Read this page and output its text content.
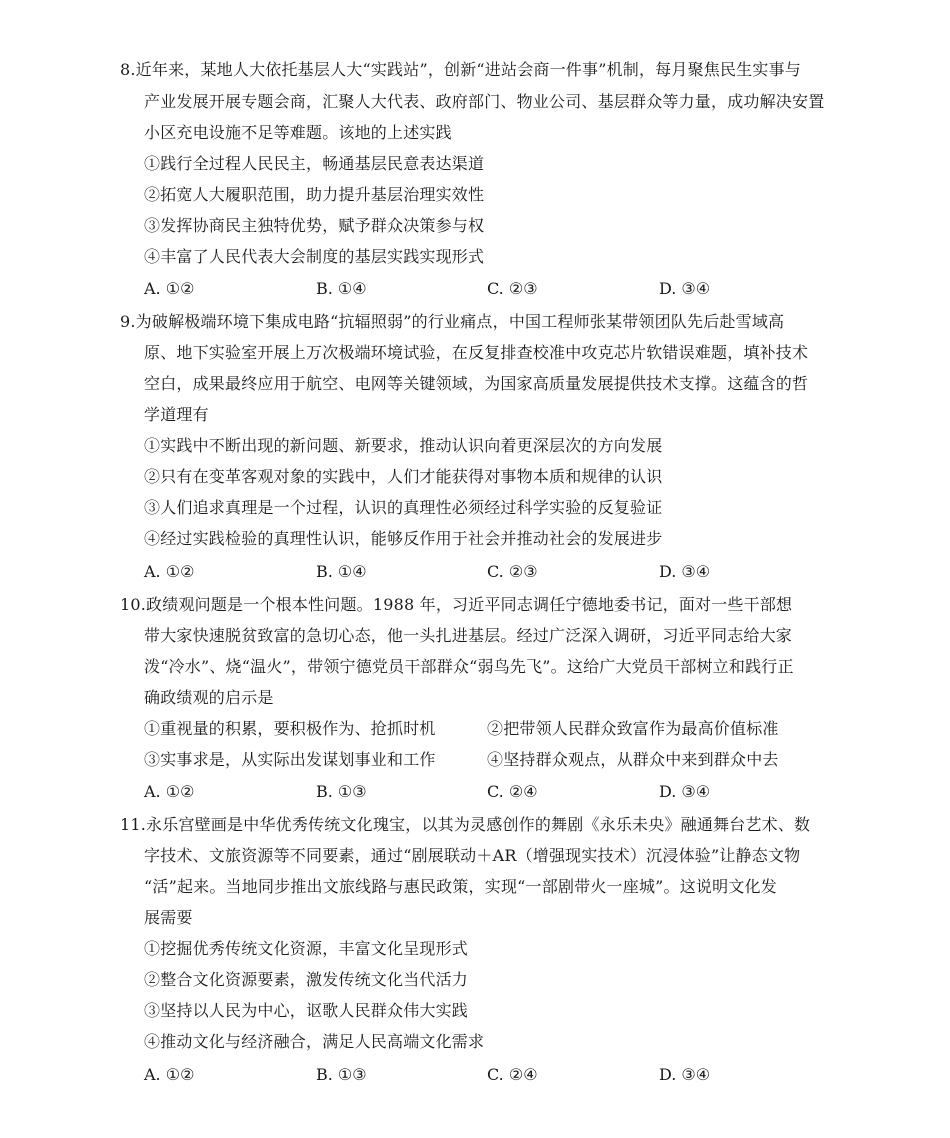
8.近年来，某地人大依托基层人大“实践站”，创新“进站会商一件事”机制，每月聚焦民生实事与
产业发展开展专题会商，汇聚人大代表、政府部门、物业公司、基层群众等力量，成功解决安置
小区充电设施不足等难题。该地的上述实践
①践行全过程人民民主，畅通基层民意表达渠道
②拓宽人大履职范围，助力提升基层治理实效性
③发挥协商民主独特优势，赋予群众决策参与权
④丰富了人民代表大会制度的基层实践实现形式
A. ①②	B. ①④	C. ②③	D. ③④
9.为破解极端环境下集成电路“抗辐照弱”的行业痛点，中国工程师张某带领团队先后赴雪域高
原、地下实验室开展上万次极端环境试验，在反复排查校准中攻克芯片软错误难题，填补技术
空白，成果最终应用于航空、电网等关键领域，为国家高质量发展提供技术支撑。这蕴含的哲
学道理有
①实践中不断出现的新问题、新要求，推动认识向着更深层次的方向发展
②只有在变革客观对象的实践中，人们才能获得对事物本质和规律的认识
③人们追求真理是一个过程，认识的真理性必须经过科学实验的反复验证
④经过实践检验的真理性认识，能够反作用于社会并推动社会的发展进步
A. ①②	B. ①④	C. ②③	D. ③④
10.政绩观问题是一个根本性问题。1988 年，习近平同志调任宁德地委书记，面对一些干部想
带大家快速脱贫致富的急切心态，他一头扎进基层。经过广泛深入调研，习近平同志给大家
泼“冷水”、烧“温火”，带领宁德党员干部群众“弱鸟先飞”。这给广大党员干部树立和践行正
确政绩观的启示是
①重视量的积累，要积极作为、抢抓时机	②把带领人民群众致富作为最高价值标准
③实事求是，从实际出发谋划事业和工作	④坚持群众观点，从群众中来到群众中去
A. ①②	B. ①③	C. ②④	D. ③④
11.永乐宫壁画是中华优秀传统文化瑰宝，以其为灵感创作的舞剧《永乐未央》融通舞台艺术、数
字技术、文旅资源等不同要素，通过“剧展联动＋AR（增强现实技术）沉浸体验”让静态文物
“活”起来。当地同步推出文旅线路与惠民政策，实现“一部剧带火一座城”。这说明文化发
展需要
①挖掘优秀传统文化资源，丰富文化呈现形式
②整合文化资源要素，激发传统文化当代活力
③坚持以人民为中心，讴歌人民群众伟大实践
④推动文化与经济融合，满足人民高端文化需求
A. ①②	B. ①③	C. ②④	D. ③④
